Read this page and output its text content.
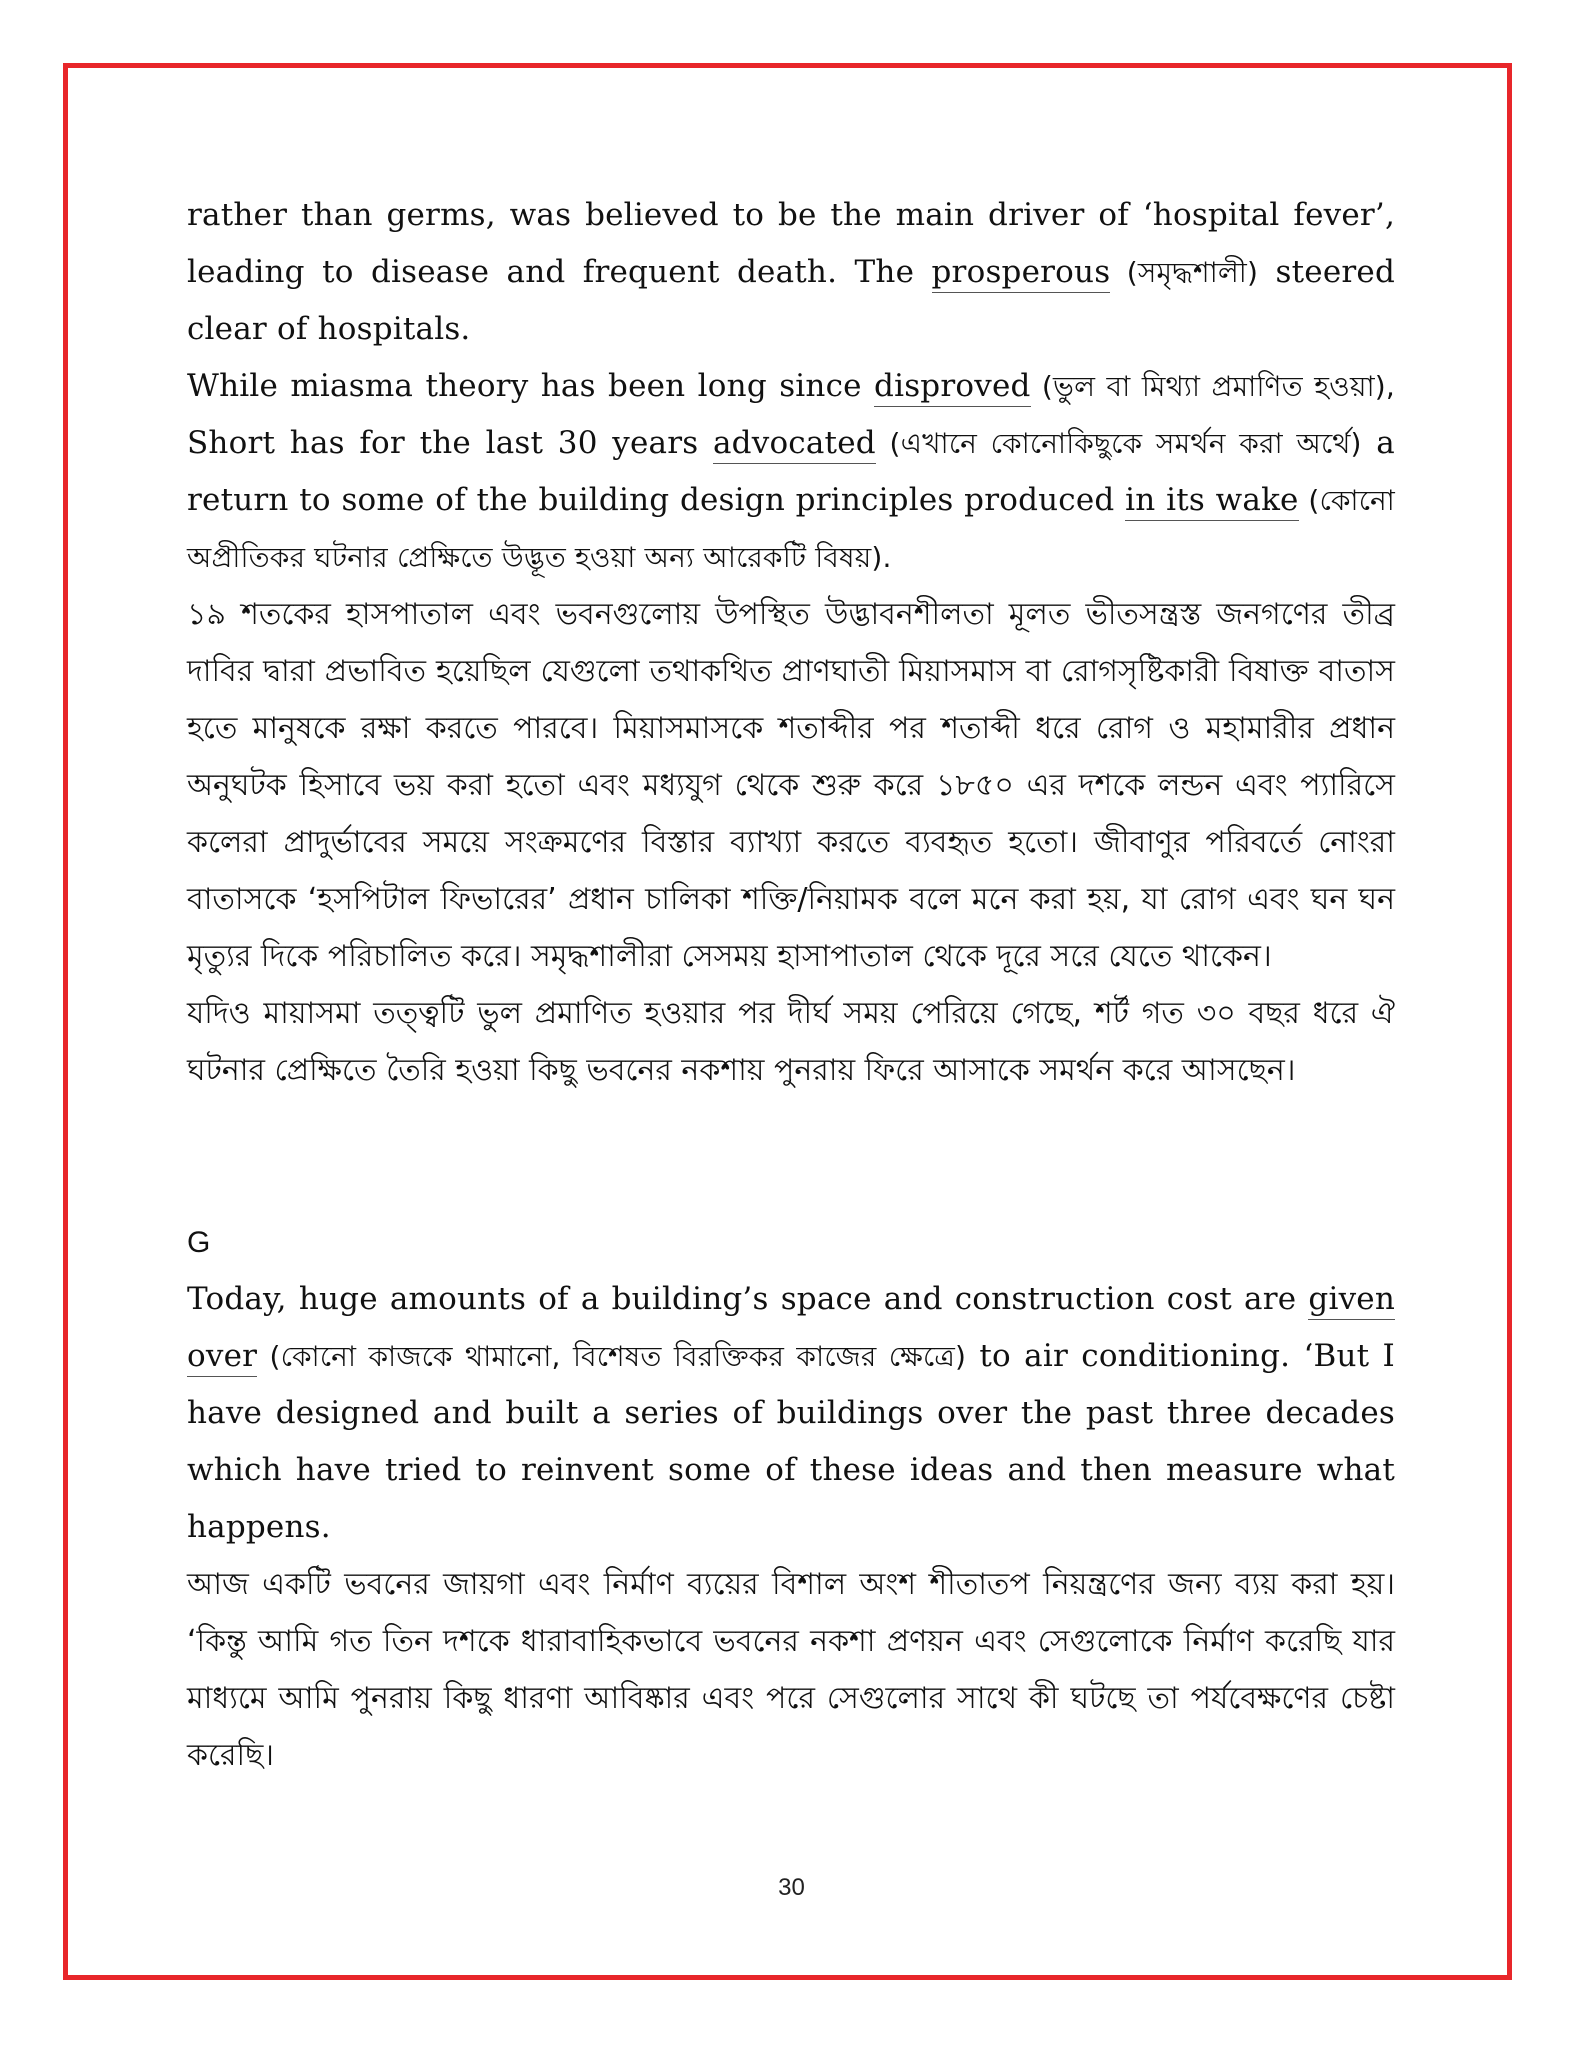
rather than germs, was believed to be the main driver of ‘hospital fever’, leading to disease and frequent death. The prosperous (সমৃদ্ধশালী) steered clear of hospitals.

While miasma theory has been long since disproved (ভুল বা মিথ্যা প্রমাণিত হওয়া), Short has for the last 30 years advocated (এখানে কোনোকিছুকে সমর্থন করা অর্থে) a return to some of the building design principles produced in its wake (কোনো অপ্রীতিকর ঘটনার প্রেক্ষিতে উদ্ভূত হওয়া অন্য আরেকটি বিষয়).

১৯ শতকের হাসপাতাল এবং ভবনগুলোয় উপস্থিত উদ্ভাবনশীলতা মূলত ভীতসন্ত্রস্ত জনগণের তীব্র দাবির দ্বারা প্রভাবিত হয়েছিল যেগুলো তথাকথিত প্রাণঘাতী মিয়াসমাস বা রোগসৃষ্টিকারী বিষাক্ত বাতাস হতে মানুষকে রক্ষা করতে পারবে। মিয়াসমাসকে শতাব্দীর পর শতাব্দী ধরে রোগ ও মহামারীর প্রধান অনুঘটক হিসাবে ভয় করা হতো এবং মধ্যযুগ থেকে শুরু করে ১৮৫০ এর দশকে লন্ডন এবং প্যারিসে কলেরা প্রাদুর্ভাবের সময়ে সংক্রমণের বিস্তার ব্যাখ্যা করতে ব্যবহৃত হতো। জীবাণুর পরিবর্তে নোংরা বাতাসকে ‘হসপিটাল ফিভারের’ প্রধান চালিকা শক্তি/নিয়ামক বলে মনে করা হয়, যা রোগ এবং ঘন ঘন মৃত্যুর দিকে পরিচালিত করে। সমৃদ্ধশালীরা সেসময় হাসাপাতাল থেকে দূরে সরে যেতে থাকেন।

যদিও মায়াসমা তত্ত্বটি ভুল প্রমাণিত হওয়ার পর দীর্ঘ সময় পেরিয়ে গেছে, শর্ট গত ৩০ বছর ধরে ঐ ঘটনার প্রেক্ষিতে তৈরি হওয়া কিছু ভবনের নকশায় পুনরায় ফিরে আসাকে সমর্থন করে আসছেন।

G

Today, huge amounts of a building’s space and construction cost are given over (কোনো কাজকে থামানো, বিশেষত বিরক্তিকর কাজের ক্ষেত্রে) to air conditioning. ‘But I have designed and built a series of buildings over the past three decades which have tried to reinvent some of these ideas and then measure what happens.

আজ একটি ভবনের জায়গা এবং নির্মাণ ব্যয়ের বিশাল অংশ শীতাতপ নিয়ন্ত্রণের জন্য ব্যয় করা হয়। ‘কিন্তু আমি গত তিন দশকে ধারাবাহিকভাবে ভবনের নকশা প্রণয়ন এবং সেগুলোকে নির্মাণ করেছি যার মাধ্যমে আমি পুনরায় কিছু ধারণা আবিষ্কার এবং পরে সেগুলোর সাথে কী ঘটছে তা পর্যবেক্ষণের চেষ্টা করেছি।

30
